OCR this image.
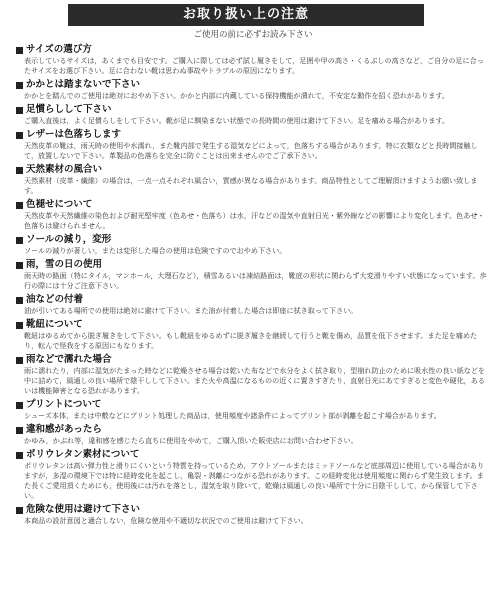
お取り扱い上の注意
ご使用の前に必ずお読み下さい
サイズの選び方
表示しているサイズは，あくまでも目安です。ご購入に際しては必ず試し履きをして，足囲や甲の高さ・くるぶしの高さなど，ご自分の足に合ったサイズをお選び下さい。足に合わない靴は思わぬ事故やトラブルの原因になります。
かかとは踏まないで下さい
かかとを踏んでのご使用は絶対におやめ下さい。かかと内部に内蔵している保持機能が潰れて，不安定な動作を招く恐れがあります。
足慣らしして下さい
ご購入直後は，よく足慣らしをして下さい。靴が足に馴染まない状態での長時間の使用は避けて下さい。足を痛める場合があります。
レザーは色落ちします
天然皮革の靴は，雨天時の使用や水濡れ，また靴内部で発生する湿気などによって，色落ちする場合があります。特に衣類などと長時間接触して，放置しないで下さい。革製品の色落ちを完全に防ぐことは出来ませんのでご了承下さい。
天然素材の風合い
天然素材（皮革・繊維）の場合は，一点一点それぞれ風合い，質感が異なる場合があります。商品特性としてご理解頂けますようお願い致します。
色褪せについて
天然皮革や天然繊維の染色および耐光堅牢度（色あせ・色落ち）は水，汗などの湿気や直射日光・紫外線などの影響により変化します。色あせ・色落ちは避けられません。
ソールの減り，変形
ソールの減りが著しい，または変形した場合の使用は危険ですのでおやめ下さい。
雨，雪の日の使用
雨天時の路面（特にタイル，マンホール，大理石など），積雪あるいは凍結路面は，靴底の形状に関わらず大変滑りやすい状態になっています。歩行の際には十分ご注意下さい。
油などの付着
油が引いてある場所での使用は絶対に避けて下さい。また油が付着した場合は即座に拭き取って下さい。
靴紐について
靴紐はゆるめてから脱ぎ履きをして下さい。もし靴紐をゆるめずに脱ぎ履きを継続して行うと靴を傷め，品質を低下させます。また足を痛めたり，転んで怪我をする原因にもなります。
雨などで濡れた場合
雨に濡れたり，内部に湿気がたまった時などに乾燥させる場合は乾いた布などで水分をよく拭き取り，型崩れ防止のために吸水性の良い紙などを中に詰めて，風通しの良い場所で陰干しして下さい。また火や高温になるものの近くに置きすぎたり，直射日光にあてすぎると変色や硬化，あるいは機能障害となる恐れがあります。
プリントについて
シューズ本体，または中敷などにプリント処理した商品は，使用頻度や諸条件によってプリント部が剥離を起こす場合があります。
違和感があったら
かゆみ，かぶれ等，違和感を感じたら直ちに使用をやめて，ご購入頂いた販売店にお問い合わせ下さい。
ポリウレタン素材について
ポリウレタンは高い弾力性と滑りにくいという特質を持っているため，アウトソールまたはミッドソールなど底部周辺に使用している場合がありますが，多湿の環境下では特に経時変化を起こし，亀裂・剥離につながる恐れがあります。この経時変化は使用頻度に関わらず発生致します。また長くご愛用頂くためにも，使用後には汚れを落とし，湿気を取り除いて，乾燥は風通しの良い場所で十分に日陰干しして，から保管して下さい。
危険な使用は避けて下さい
本商品の設計意図と適合しない，危険な使用や不適切な状況でのご使用は避けて下さい。
